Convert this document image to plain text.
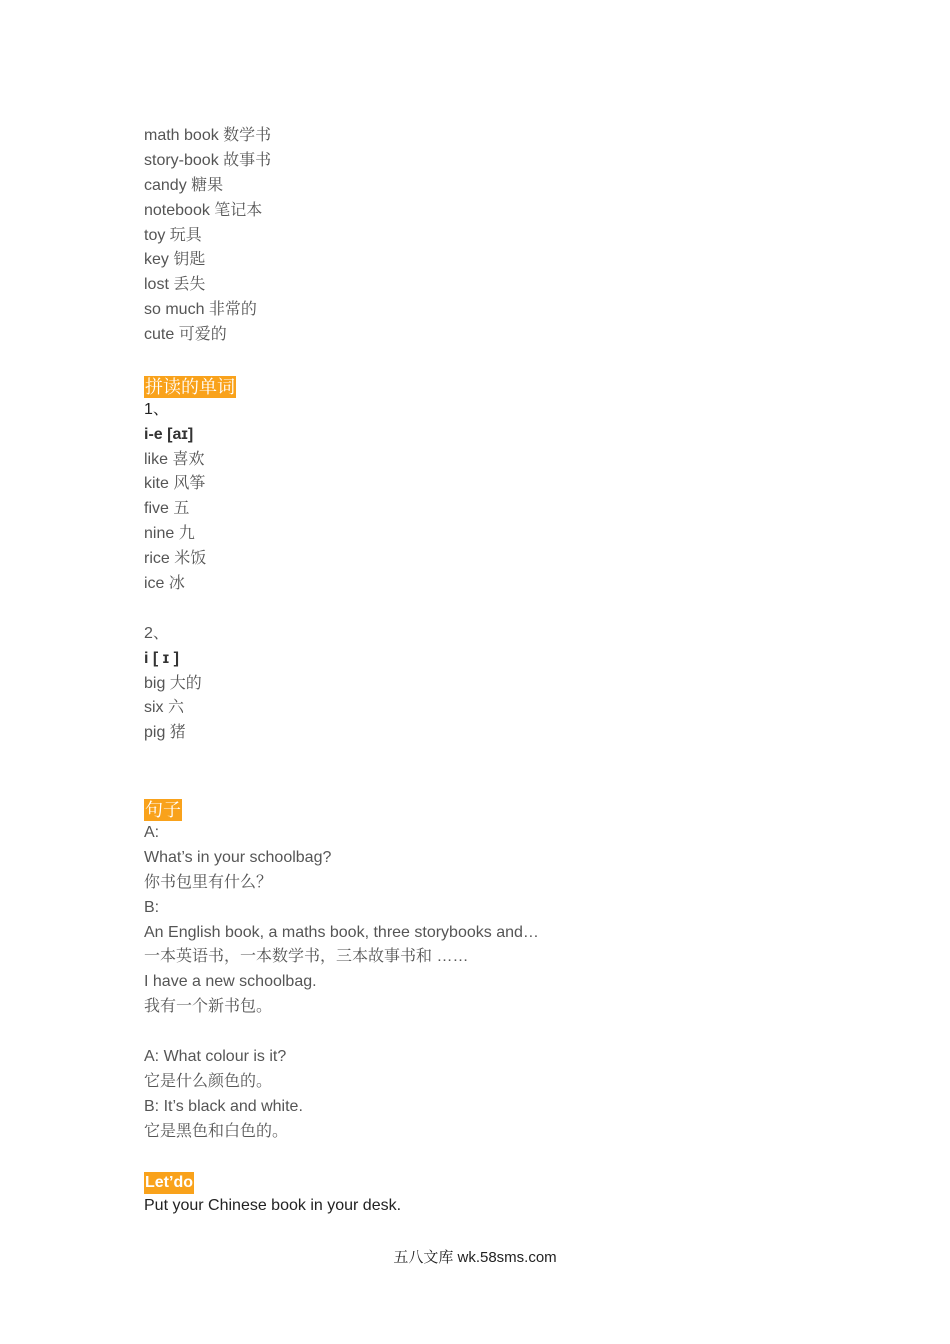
math book 数学书
story-book 故事书
candy 糖果
notebook 笔记本
toy 玩具
key 钥匙
lost 丢失
so much 非常的
cute 可爱的
拼读的单词
1、
i-e [aɪ]
like 喜欢
kite 风筝
five 五
nine 九
rice 米饭
ice 冰
2、
i [ ɪ ]
big 大的
six 六
pig 猪
句子
A:
What’s in your schoolbag?
你书包里有什么？
B:
An English book, a maths book, three storybooks and…
一本英语书，一本数学书，三本故事书和 ……
I have a new schoolbag.
我有一个新书包。
A: What colour is it?
它是什么颜色的。
B: It’s black and white.
它是黑色和白色的。
Let’do
Put your Chinese book in your desk.
五八文库 wk.58sms.com
